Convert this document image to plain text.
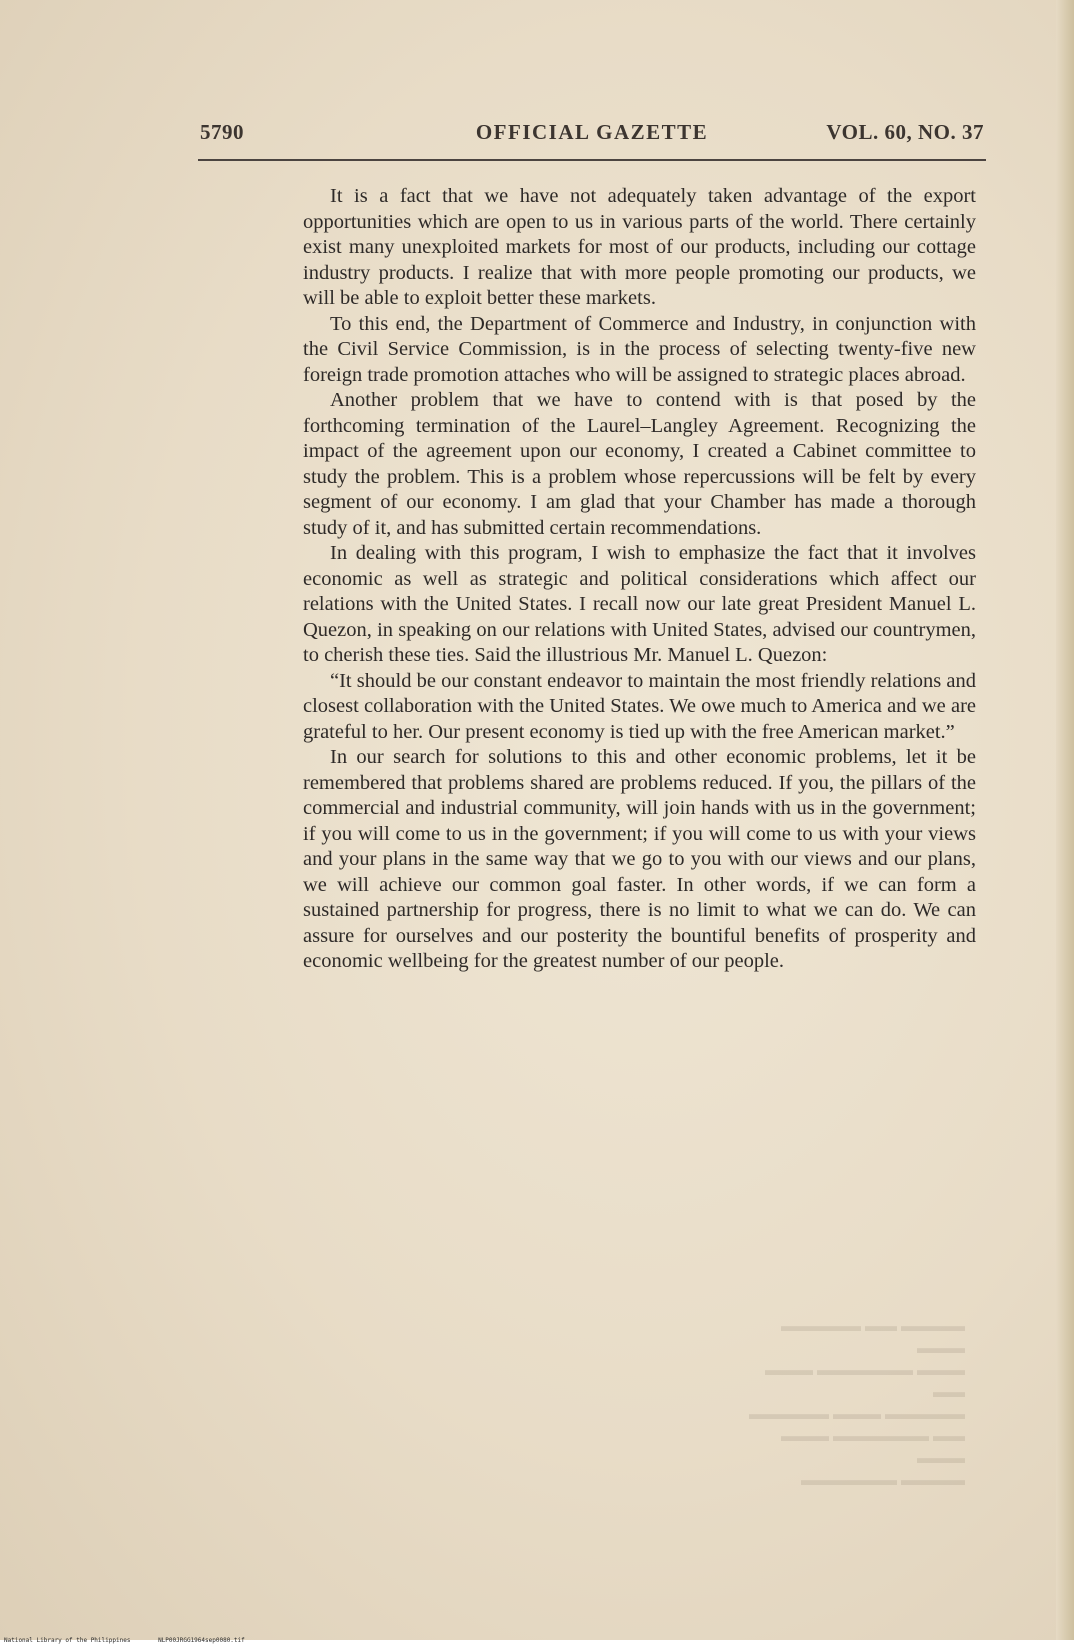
5790	OFFICIAL GAZETTE	VOL. 60, NO. 37

It is a fact that we have not adequately taken advantage of the export opportunities which are open to us in various parts of the world. There certainly exist many unexploited markets for most of our products, including our cottage industry products. I realize that with more people promoting our products, we will be able to exploit better these markets.

To this end, the Department of Commerce and Industry, in conjunction with the Civil Service Commission, is in the process of selecting twenty-five new foreign trade promotion attaches who will be assigned to strategic places abroad.

Another problem that we have to contend with is that posed by the forthcoming termination of the Laurel–Langley Agreement. Recognizing the impact of the agreement upon our economy, I created a Cabinet committee to study the problem. This is a problem whose repercussions will be felt by every segment of our economy. I am glad that your Chamber has made a thorough study of it, and has submitted certain recommendations.

In dealing with this program, I wish to emphasize the fact that it involves economic as well as strategic and political considerations which affect our relations with the United States. I recall now our late great President Manuel L. Quezon, in speaking on our relations with United States, advised our countrymen, to cherish these ties. Said the illustrious Mr. Manuel L. Quezon:

“It should be our constant endeavor to maintain the most friendly relations and closest collaboration with the United States. We owe much to America and we are grateful to her. Our present economy is tied up with the free American market.”

In our search for solutions to this and other economic problems, let it be remembered that problems shared are problems reduced. If you, the pillars of the commercial and industrial community, will join hands with us in the government; if you will come to us in the government; if you will come to us with your views and your plans in the same way that we go to you with our views and our plans, we will achieve our common goal faster. In other words, if we can form a sustained partnership for progress, there is no limit to what we can do. We can assure for ourselves and our posterity the bountiful benefits of prosperity and economic wellbeing for the greatest number of our people.

▬▬▬▬ ▬▬ ▬▬▬▬▬ ▬▬▬
▬▬▬ ▬▬▬▬▬▬ ▬▬▬ ▬▬
▬▬▬▬▬ ▬▬▬ ▬▬▬▬▬
▬▬ ▬▬▬▬▬▬ ▬▬▬ ▬▬▬
▬▬▬▬ ▬▬▬▬▬▬
National Library of the Philippines	NLP00JRGG1964sep0080.tif
